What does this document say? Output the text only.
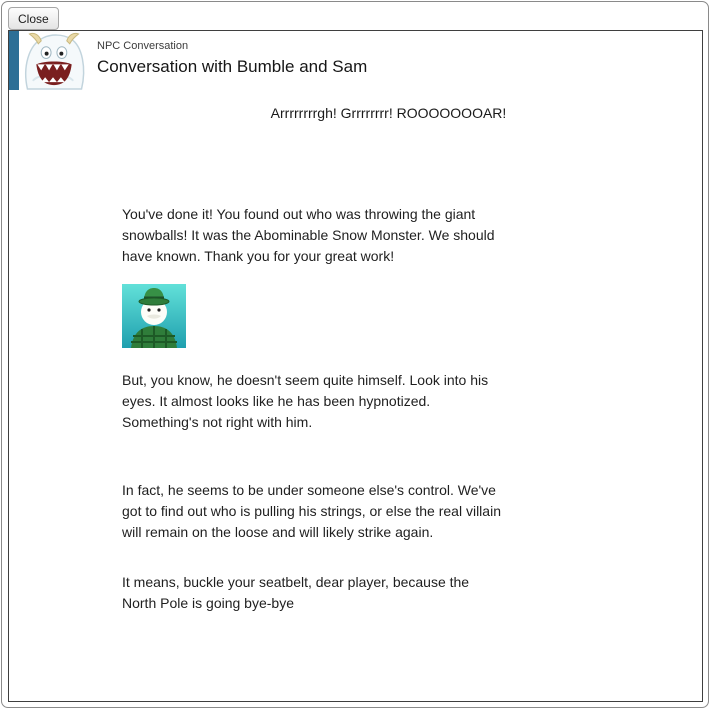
Close
NPC Conversation
Conversation with Bumble and Sam
Arrrrrrrrgh! Grrrrrrrr! ROOOOOOOAR!

You've done it! You found out who was throwing the giant snowballs! It was the Abominable Snow Monster. We should have known. Thank you for your great work!

But, you know, he doesn't seem quite himself. Look into his eyes. It almost looks like he has been hypnotized. Something's not right with him.

In fact, he seems to be under someone else's control. We've got to find out who is pulling his strings, or else the real villain will remain on the loose and will likely strike again.

It means, buckle your seatbelt, dear player, because the North Pole is going bye-bye
